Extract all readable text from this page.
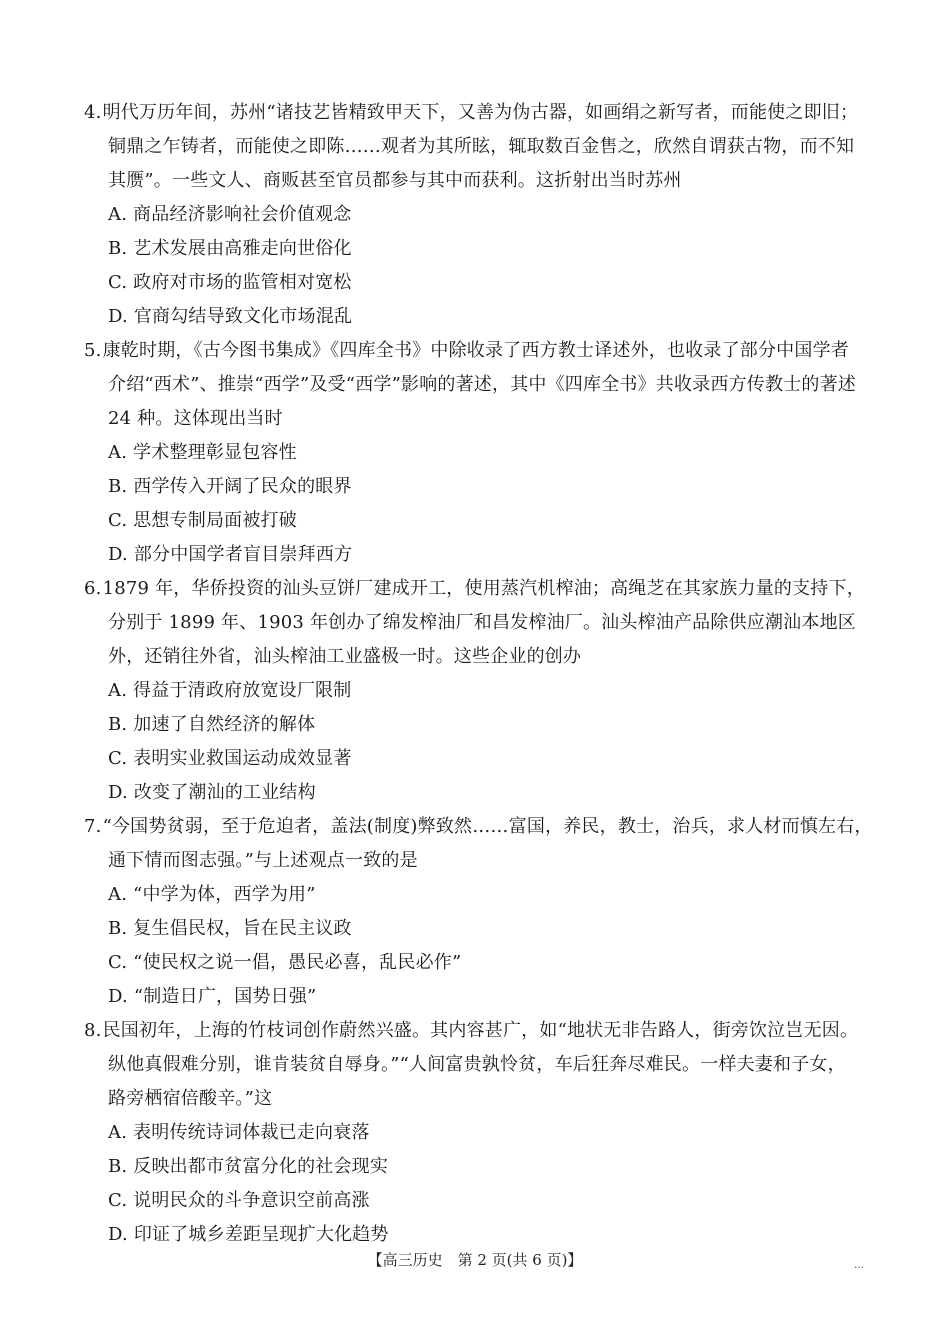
4.明代万历年间，苏州“诸技艺皆精致甲天下，又善为伪古器，如画绢之新写者，而能使之即旧；

铜鼎之乍铸者，而能使之即陈……观者为其所眩，辄取数百金售之，欣然自谓获古物，而不知

其赝”。一些文人、商贩甚至官员都参与其中而获利。这折射出当时苏州

A. 商品经济影响社会价值观念

B. 艺术发展由高雅走向世俗化

C. 政府对市场的监管相对宽松

D. 官商勾结导致文化市场混乱

5.康乾时期，《古今图书集成》《四库全书》中除收录了西方教士译述外，也收录了部分中国学者

介绍“西术”、推崇“西学”及受“西学”影响的著述，其中《四库全书》共收录西方传教士的著述

24 种。这体现出当时

A. 学术整理彰显包容性

B. 西学传入开阔了民众的眼界

C. 思想专制局面被打破

D. 部分中国学者盲目崇拜西方

6.1879 年，华侨投资的汕头豆饼厂建成开工，使用蒸汽机榨油；高绳芝在其家族力量的支持下，

分别于 1899 年、1903 年创办了绵发榨油厂和昌发榨油厂。汕头榨油产品除供应潮汕本地区

外，还销往外省，汕头榨油工业盛极一时。这些企业的创办

A. 得益于清政府放宽设厂限制

B. 加速了自然经济的解体

C. 表明实业救国运动成效显著

D. 改变了潮汕的工业结构

7.“今国势贫弱，至于危迫者，盖法(制度)弊致然……富国，养民，教士，治兵，求人材而慎左右，

通下情而图志强。”与上述观点一致的是

A. “中学为体，西学为用”

B. 复生倡民权，旨在民主议政

C. “使民权之说一倡，愚民必喜，乱民必作”

D. “制造日广，国势日强”

8.民国初年，上海的竹枝词创作蔚然兴盛。其内容甚广，如“地状无非告路人，街旁饮泣岂无因。

纵他真假难分别，谁肯装贫自辱身。”“人间富贵孰怜贫，车后狂奔尽难民。一样夫妻和子女，

路旁栖宿倍酸辛。”这

A. 表明传统诗词体裁已走向衰落

B. 反映出都市贫富分化的社会现实

C. 说明民众的斗争意识空前高涨

D. 印证了城乡差距呈现扩大化趋势

【高三历史　第 2 页(共 6 页)】	…
